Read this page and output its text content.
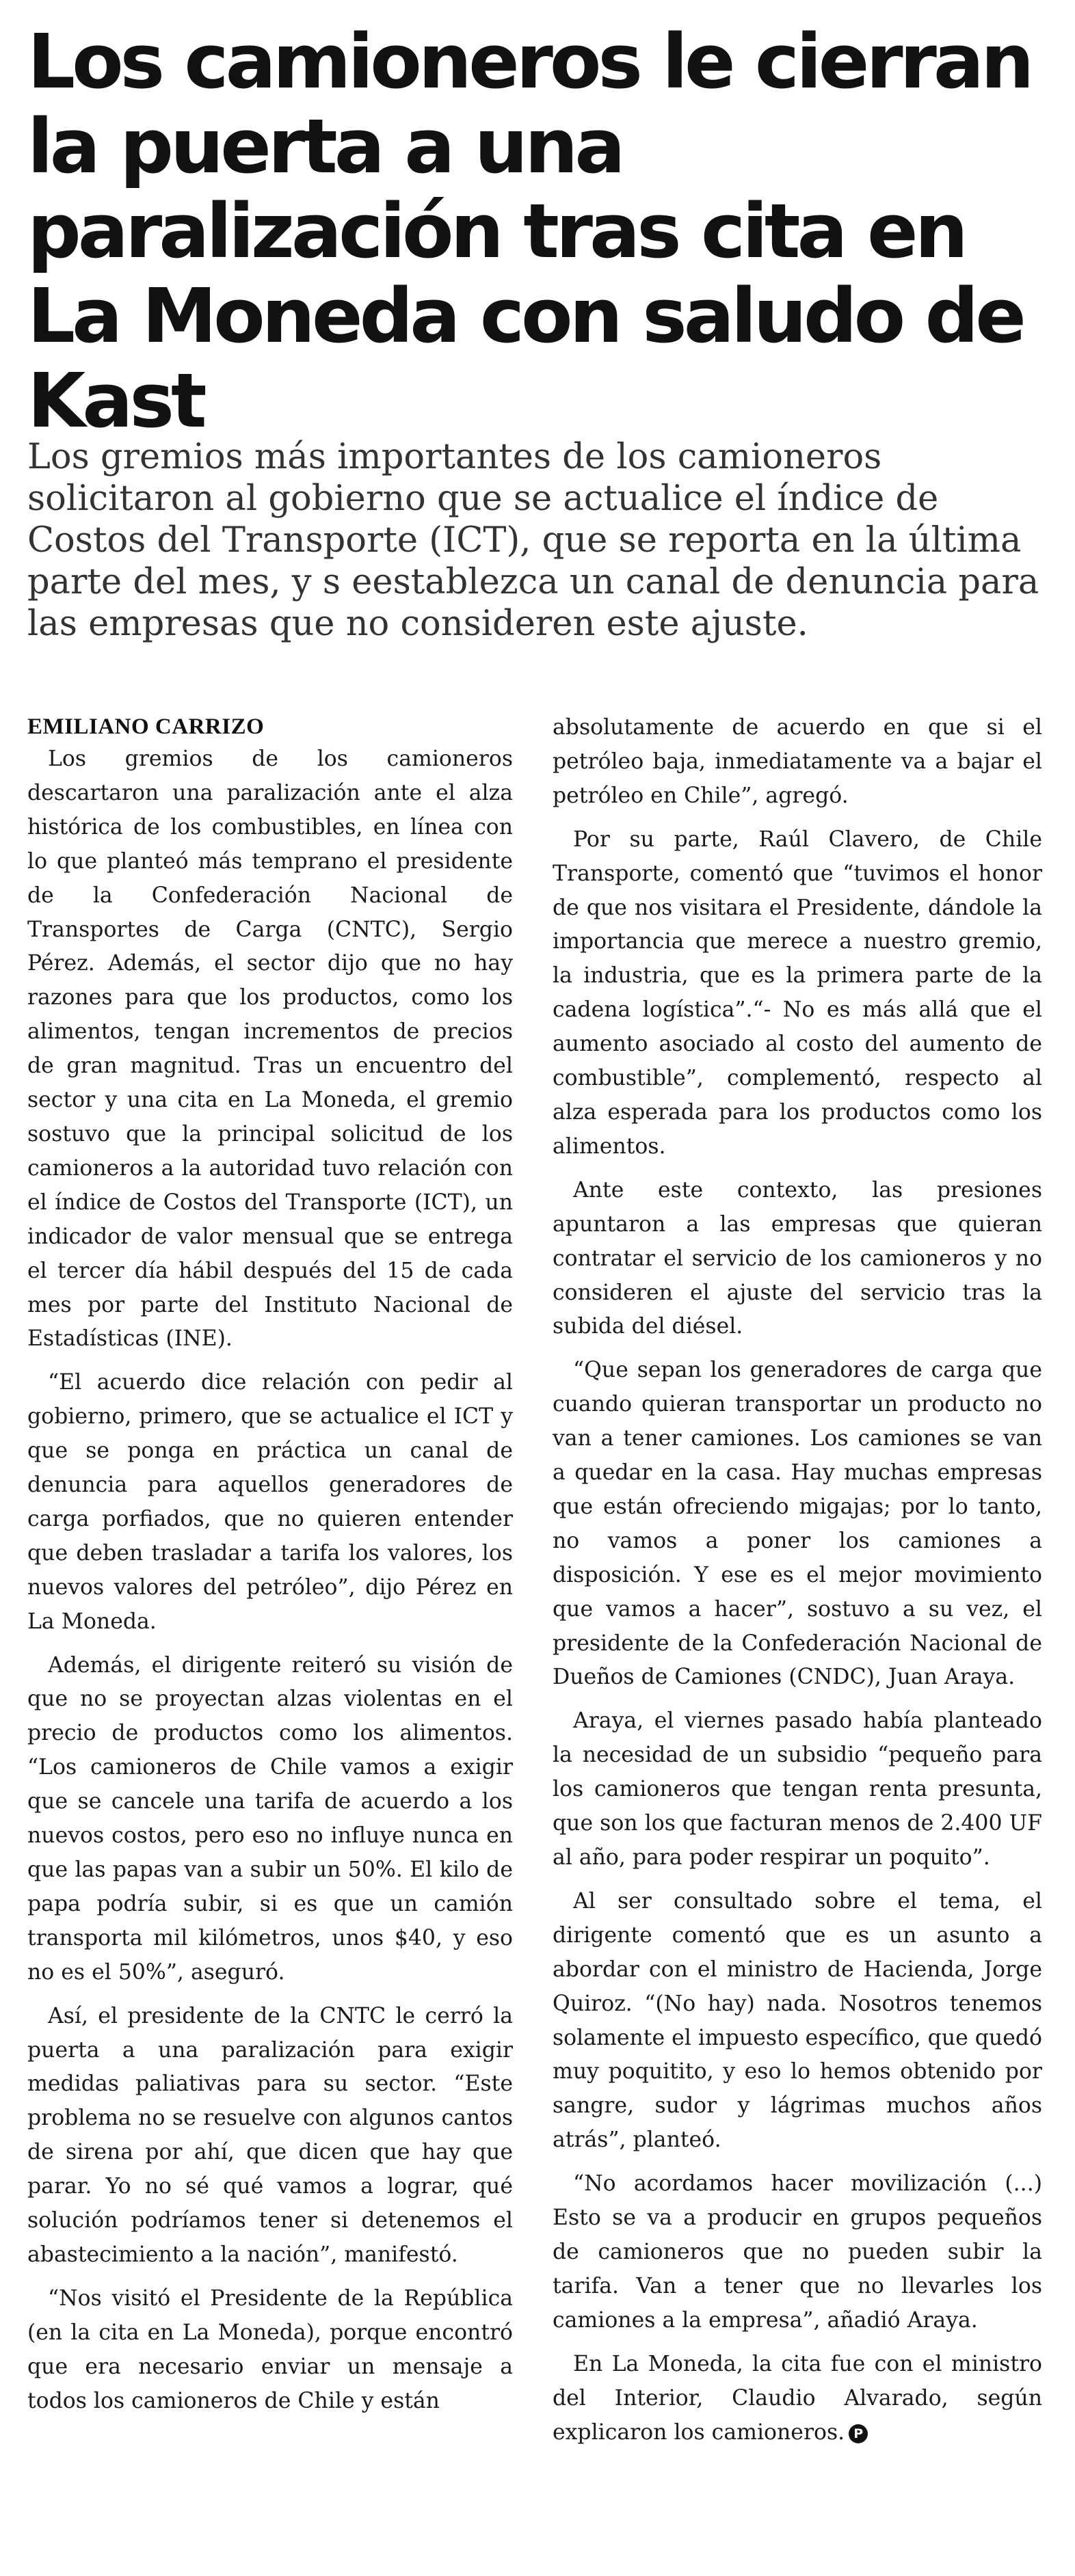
Los camioneros le cierran la puerta a una paralización tras cita en La Moneda con saludo de Kast

Los gremios más importantes de los camioneros solicitaron al gobierno que se actualice el índice de Costos del Transporte (ICT), que se reporta en la última parte del mes, y s eestablezca un canal de denuncia para las empresas que no consideren este ajuste.

EMILIANO CARRIZO

Los gremios de los camioneros descartaron una paralización ante el alza histórica de los combustibles, en línea con lo que planteó más temprano el presidente de la Confederación Nacional de Transportes de Carga (CNTC), Sergio Pérez. Además, el sector dijo que no hay razones para que los productos, como los alimentos, tengan incrementos de precios de gran magnitud. Tras un encuentro del sector y una cita en La Moneda, el gremio sostuvo que la principal solicitud de los camioneros a la autoridad tuvo relación con el índice de Costos del Transporte (ICT), un indicador de valor mensual que se entrega el tercer día hábil después del 15 de cada mes por parte del Instituto Nacional de Estadísticas (INE).

“El acuerdo dice relación con pedir al gobierno, primero, que se actualice el ICT y que se ponga en práctica un canal de denuncia para aquellos generadores de carga porfiados, que no quieren entender que deben trasladar a tarifa los valores, los nuevos valores del petróleo”, dijo Pérez en La Moneda.

Además, el dirigente reiteró su visión de que no se proyectan alzas violentas en el precio de productos como los alimentos. “Los camioneros de Chile vamos a exigir que se cancele una tarifa de acuerdo a los nuevos costos, pero eso no influye nunca en que las papas van a subir un 50%. El kilo de papa podría subir, si es que un camión transporta mil kilómetros, unos $40, y eso no es el 50%”, aseguró.

Así, el presidente de la CNTC le cerró la puerta a una paralización para exigir medidas paliativas para su sector. “Este problema no se resuelve con algunos cantos de sirena por ahí, que dicen que hay que parar. Yo no sé qué vamos a lograr, qué solución podríamos tener si detenemos el abastecimiento a la nación”, manifestó.

“Nos visitó el Presidente de la República (en la cita en La Moneda), porque encontró que era necesario enviar un mensaje a todos los camioneros de Chile y están

absolutamente de acuerdo en que si el petróleo baja, inmediatamente va a bajar el petróleo en Chile”, agregó.

Por su parte, Raúl Clavero, de Chile Transporte, comentó que “tuvimos el honor de que nos visitara el Presidente, dándole la importancia que merece a nuestro gremio, la industria, que es la primera parte de la cadena logística”.“- No es más allá que el aumento asociado al costo del aumento de combustible”, complementó, respecto al alza esperada para los productos como los alimentos.

Ante este contexto, las presiones apuntaron a las empresas que quieran contratar el servicio de los camioneros y no consideren el ajuste del servicio tras la subida del diésel.

“Que sepan los generadores de carga que cuando quieran transportar un producto no van a tener camiones. Los camiones se van a quedar en la casa. Hay muchas empresas que están ofreciendo migajas; por lo tanto, no vamos a poner los camiones a disposición. Y ese es el mejor movimiento que vamos a hacer”, sostuvo a su vez, el presidente de la Confederación Nacional de Dueños de Camiones (CNDC), Juan Araya.

Araya, el viernes pasado había planteado la necesidad de un subsidio “pequeño para los camioneros que tengan renta presunta, que son los que facturan menos de 2.400 UF al año, para poder respirar un poquito”.

Al ser consultado sobre el tema, el dirigente comentó que es un asunto a abordar con el ministro de Hacienda, Jorge Quiroz. “(No hay) nada. Nosotros tenemos solamente el impuesto específico, que quedó muy poquitito, y eso lo hemos obtenido por sangre, sudor y lágrimas muchos años atrás”, planteó.

“No acordamos hacer movilización (...) Esto se va a producir en grupos pequeños de camioneros que no pueden subir la tarifa. Van a tener que no llevarles los camiones a la empresa”, añadió Araya.

En La Moneda, la cita fue con el ministro del Interior, Claudio Alvarado, según explicaron los camioneros. P
